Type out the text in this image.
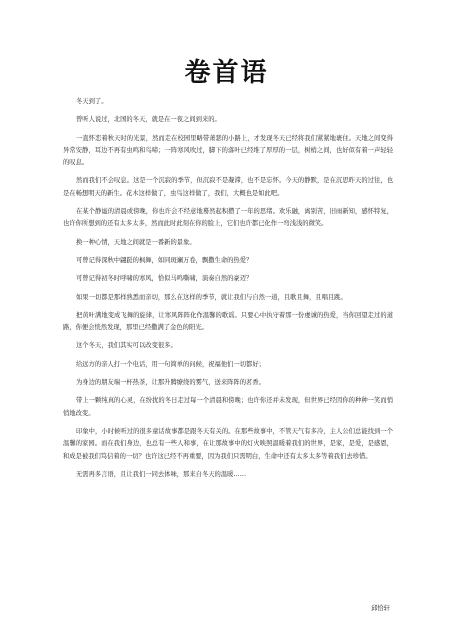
卷首语

冬天到了。

曾听人说过，北国的冬天，就是在一夜之间到来的。

一直怀恋着秋天时的光景，然而走在校园里略带萧瑟的小路上，才发现冬天已经将我们紧紧地裹住。天地之间变得异常安静，耳边不再有虫鸣和鸟啼；一阵寒风吹过，脚下的落叶已经堆了厚厚的一层，树梢之间，也好似有着一声轻轻的叹息。

然而我们不会叹息。这是一个沉寂的季节，但沉寂不是凝滞，也不是忘怀。今天的静默，是在沉思昨天的过往，也是在畅想明天的新生。花木这样做了，虫鸟这样做了，我们，大概也是如此吧。

在某个静谧的清晨或傍晚，你也许会不经意地蓦然起积攒了一年的思绪。欢乐融，离别苦，旧雨新知，感怀特复，也许你所想到的还有太多太多，然而此时此刻在你的脸上，它们也许都已化作一弯浅浅的微笑。

换一种心情，天地之间就是一番新的景象。

可曾记得深秋中翩跹的枫舞，如同斑斓万卷，飘撒生命的热爱？

可曾记得初冬时呼啸的寒风，恰似马鸣嘶啸，演奏自然的豪迈？

如果一切都是那样熟悉而亲切，那么在这样的季节，就让我们与自然一道，且歌且舞，且唱且跳。

把黄叶满地变成飞舞的旋律，让寒风阵阵化作温馨的歌谣。只要心中执守着那一份虔诚的热爱，当你回望走过的道路，你便会恍然发现，那里已经撒满了金色的阳光。

这个冬天，我们其实可以改变很多。

给远方的亲人打一个电话，用一句简单的问候，祝福他们一切都好；

为身边的朋友端一杯热茶，让那升腾缭绕的雾气，送来阵阵的茗香。

带上一颗纯真的心灵，在纷扰的冬日走过每一个清晨和傍晚；也许你还并未发现，但世界已经因你的种种一笑而悄悄地改变。

印象中，小时候听过的很多童话故事都是跟冬天有关的。在那些故事中，不管天气有多冷，主人公们总能找到一个温馨的家园。而在我们身边，也总有一些人和事，在让那故事中的灯火映照温暖着我们的世界，是家，是爱，是感恩，和成是被我们笃信着的一切？也许这已经不再重要，因为我们只需明白，生命中还有太多太多等着我们去珍惜。

无需再多言语，且让我们一同去体味，那来自冬天的温暖……

邱恰轩
